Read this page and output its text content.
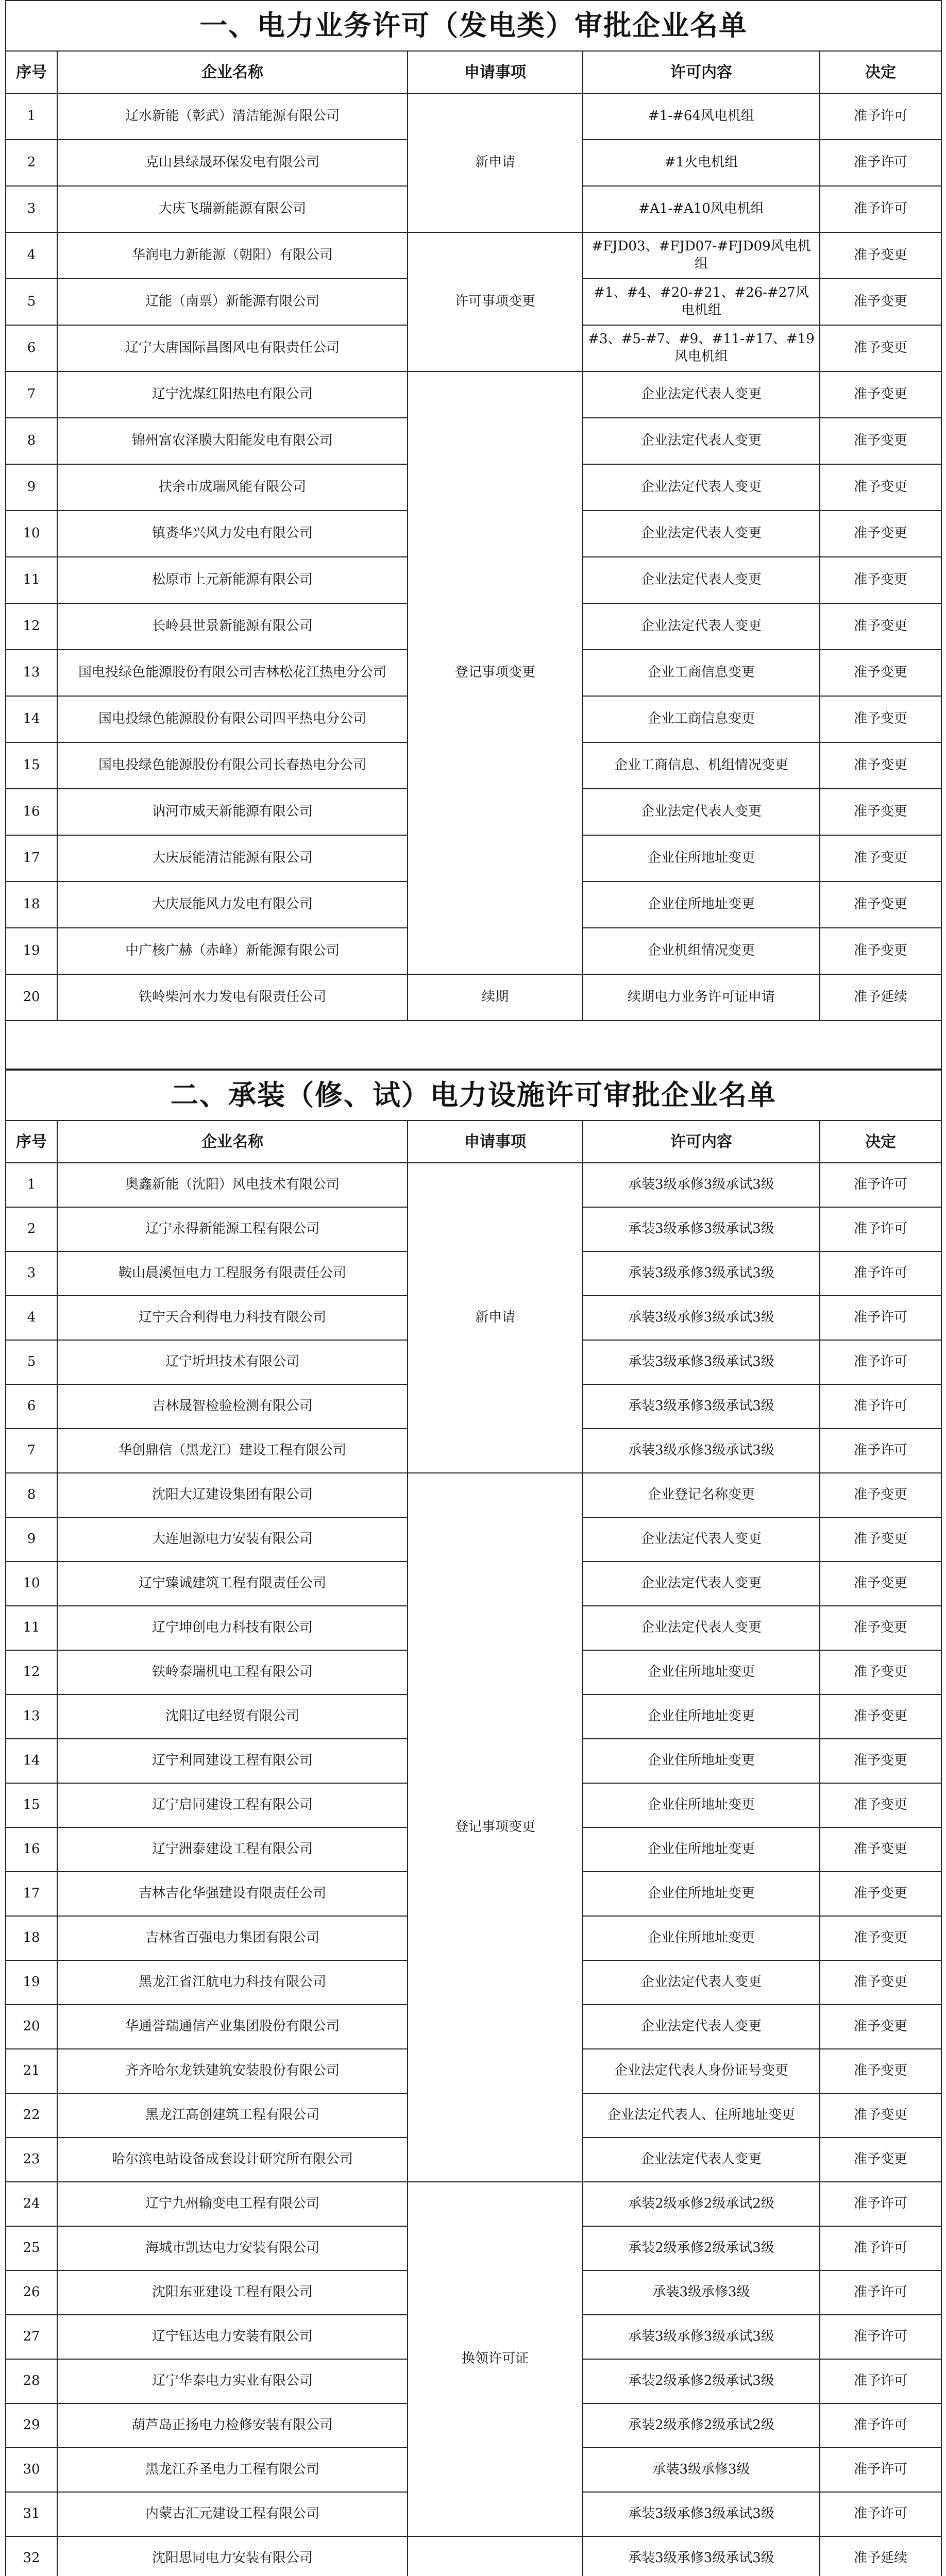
一、电力业务许可（发电类）审批企业名单				
序号	企业名称	申请事项	许可内容	决定
1	辽水新能（彰武）清洁能源有限公司	新申请	#1-#64风电机组	准予许可
2	克山县绿晟环保发电有限公司		#1火电机组	准予许可
3	大庆飞瑞新能源有限公司		#A1-#A10风电机组	准予许可
4	华润电力新能源（朝阳）有限公司	许可事项变更	#FJD03、#FJD07-#FJD09风电机组	准予变更
5	辽能（南票）新能源有限公司		#1、#4、#20-#21、#26-#27风电机组	准予变更
6	辽宁大唐国际昌图风电有限责任公司		#3、#5-#7、#9、#11-#17、#19风电机组	准予变更
7	辽宁沈煤红阳热电有限公司	登记事项变更	企业法定代表人变更	准予变更
8	锦州富农泽膜大阳能发电有限公司		企业法定代表人变更	准予变更
9	扶余市成瑞风能有限公司		企业法定代表人变更	准予变更
10	镇赉华兴风力发电有限公司		企业法定代表人变更	准予变更
11	松原市上元新能源有限公司		企业法定代表人变更	准予变更
12	长岭县世景新能源有限公司		企业法定代表人变更	准予变更
13	国电投绿色能源股份有限公司吉林松花江热电分公司		企业工商信息变更	准予变更
14	国电投绿色能源股份有限公司四平热电分公司		企业工商信息变更	准予变更
15	国电投绿色能源股份有限公司长春热电分公司		企业工商信息、机组情况变更	准予变更
16	讷河市威天新能源有限公司		企业法定代表人变更	准予变更
17	大庆辰能清洁能源有限公司		企业住所地址变更	准予变更
18	大庆辰能风力发电有限公司		企业住所地址变更	准予变更
19	中广核广赫（赤峰）新能源有限公司		企业机组情况变更	准予变更
20	铁岭柴河水力发电有限责任公司	续期	续期电力业务许可证申请	准予延续

二、承装（修、试）电力设施许可审批企业名单				
序号	企业名称	申请事项	许可内容	决定
1	奥鑫新能（沈阳）风电技术有限公司	新申请	承装3级承修3级承试3级	准予许可
2	辽宁永得新能源工程有限公司		承装3级承修3级承试3级	准予许可
3	鞍山晨溪恒电力工程服务有限责任公司		承装3级承修3级承试3级	准予许可
4	辽宁天合利得电力科技有限公司		承装3级承修3级承试3级	准予许可
5	辽宁圻坦技术有限公司		承装3级承修3级承试3级	准予许可
6	吉林晟智检验检测有限公司		承装3级承修3级承试3级	准予许可
7	华创鼎信（黑龙江）建设工程有限公司		承装3级承修3级承试3级	准予许可
8	沈阳大辽建设集团有限公司	登记事项变更	企业登记名称变更	准予变更
9	大连旭源电力安装有限公司		企业法定代表人变更	准予变更
10	辽宁臻诚建筑工程有限责任公司		企业法定代表人变更	准予变更
11	辽宁坤创电力科技有限公司		企业法定代表人变更	准予变更
12	铁岭泰瑞机电工程有限公司		企业住所地址变更	准予变更
13	沈阳辽电经贸有限公司		企业住所地址变更	准予变更
14	辽宁利同建设工程有限公司		企业住所地址变更	准予变更
15	辽宁启同建设工程有限公司		企业住所地址变更	准予变更
16	辽宁洲泰建设工程有限公司		企业住所地址变更	准予变更
17	吉林吉化华强建设有限责任公司		企业住所地址变更	准予变更
18	吉林省百强电力集团有限公司		企业住所地址变更	准予变更
19	黑龙江省江航电力科技有限公司		企业法定代表人变更	准予变更
20	华通誉瑞通信产业集团股份有限公司		企业法定代表人变更	准予变更
21	齐齐哈尔龙铁建筑安装股份有限公司		企业法定代表人身份证号变更	准予变更
22	黑龙江高创建筑工程有限公司		企业法定代表人、住所地址变更	准予变更
23	哈尔滨电站设备成套设计研究所有限公司		企业法定代表人变更	准予变更
24	辽宁九州输变电工程有限公司	换领许可证	承装2级承修2级承试2级	准予许可
25	海城市凯达电力安装有限公司		承装2级承修2级承试3级	准予许可
26	沈阳东亚建设工程有限公司		承装3级承修3级	准予许可
27	辽宁钰达电力安装有限公司		承装3级承修3级承试3级	准予许可
28	辽宁华泰电力实业有限公司		承装2级承修2级承试3级	准予许可
29	葫芦岛正扬电力检修安装有限公司		承装2级承修2级承试2级	准予许可
30	黑龙江乔圣电力工程有限公司		承装3级承修3级	准予许可
31	内蒙古汇元建设工程有限公司		承装3级承修3级承试3级	准予许可
32	沈阳思同电力安装有限公司		承装3级承修3级承试3级	准予延续
